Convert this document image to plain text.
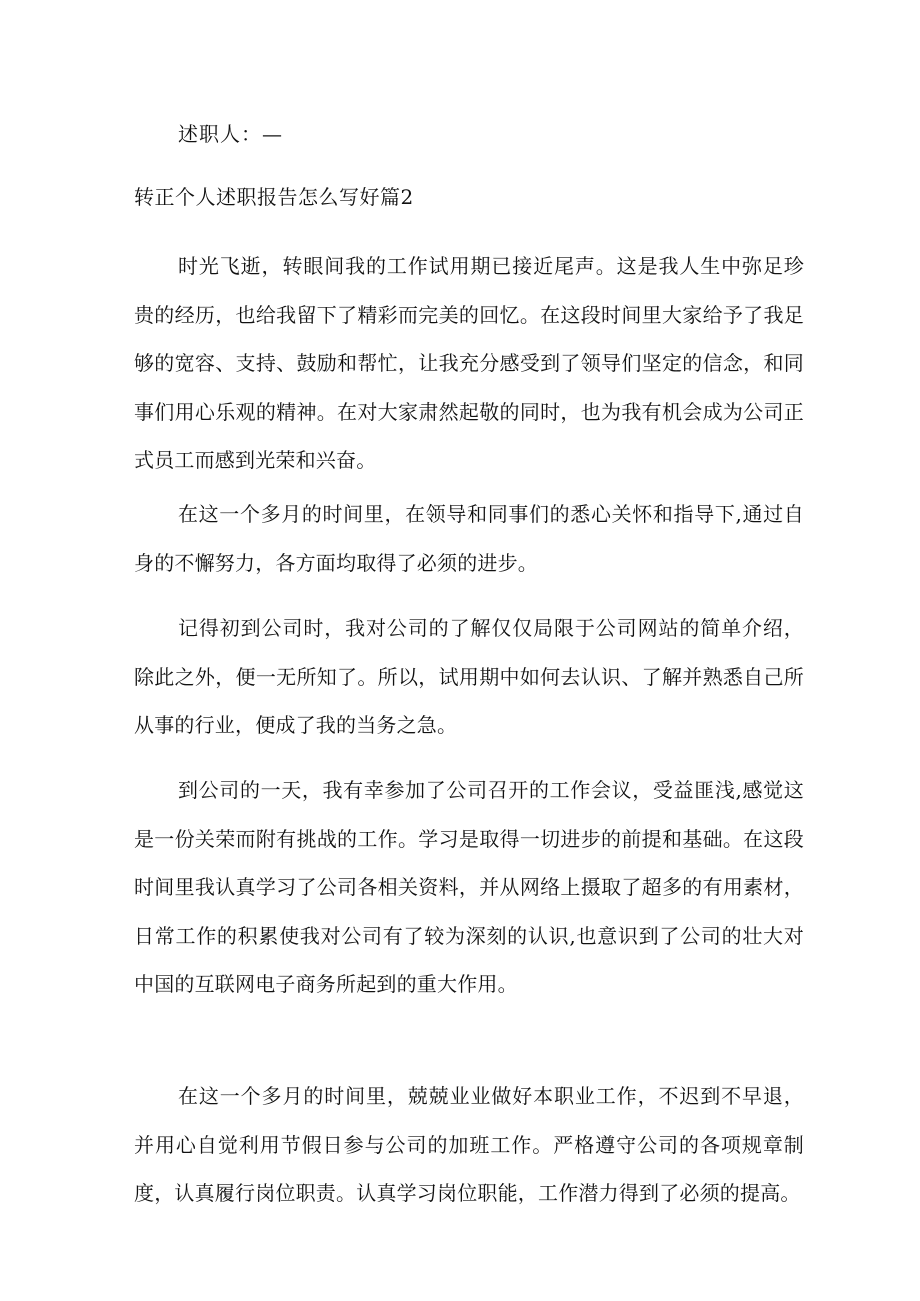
述职人：—
转正个人述职报告怎么写好篇2

时光飞逝，转眼间我的工作试用期已接近尾声。这是我人生中弥足珍贵的经历，也给我留下了精彩而完美的回忆。在这段时间里大家给予了我足够的宽容、支持、鼓励和帮忙，让我充分感受到了领导们坚定的信念，和同事们用心乐观的精神。在对大家肃然起敬的同时，也为我有机会成为公司正式员工而感到光荣和兴奋。

在这一个多月的时间里，在领导和同事们的悉心关怀和指导下,通过自身的不懈努力，各方面均取得了必须的进步。

记得初到公司时，我对公司的了解仅仅局限于公司网站的简单介绍，除此之外，便一无所知了。所以，试用期中如何去认识、了解并熟悉自己所从事的行业，便成了我的当务之急。

到公司的一天，我有幸参加了公司召开的工作会议，受益匪浅,感觉这是一份关荣而附有挑战的工作。学习是取得一切进步的前提和基础。在这段时间里我认真学习了公司各相关资料，并从网络上摄取了超多的有用素材，日常工作的积累使我对公司有了较为深刻的认识,也意识到了公司的壮大对中国的互联网电子商务所起到的重大作用。

在这一个多月的时间里，兢兢业业做好本职业工作，不迟到不早退，并用心自觉利用节假日参与公司的加班工作。严格遵守公司的各项规章制度，认真履行岗位职责。认真学习岗位职能，工作潜力得到了必须的提高。
